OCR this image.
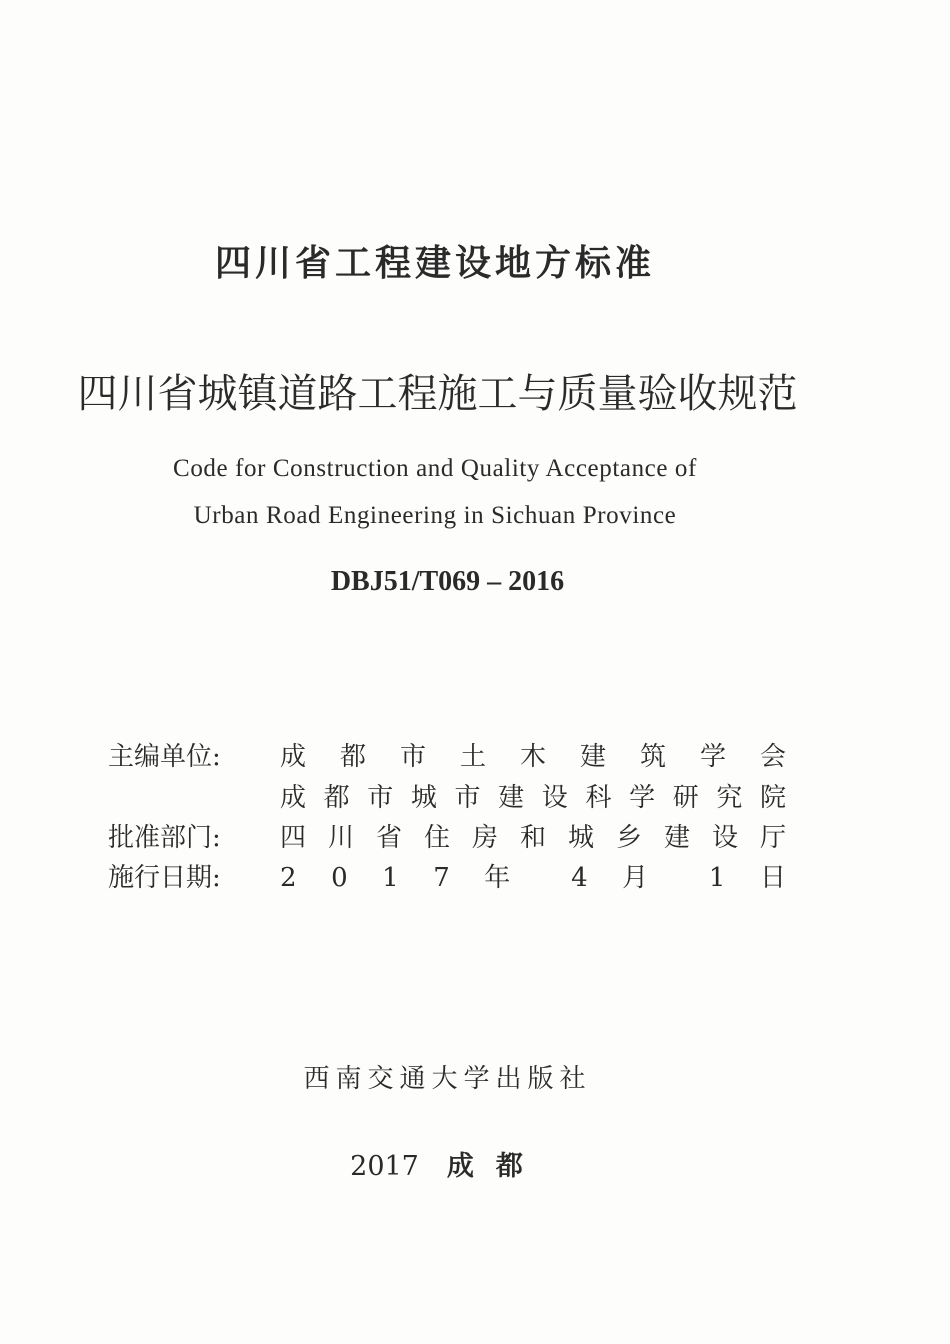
四川省工程建设地方标准
四川省城镇道路工程施工与质量验收规范
Code for Construction and Quality Acceptance of
Urban Road Engineering in Sichuan Province
DBJ51/T069 – 2016
主编单位:	成 都 市 土 木 建 筑 学 会
成 都 市 城 市 建 设 科 学 研 究 院
批准部门:	四 川 省 住 房 和 城 乡 建 设 厅
施行日期:	2 0 1 7 年 4 月 1 日
西南交通大学出版社
2017 成都
